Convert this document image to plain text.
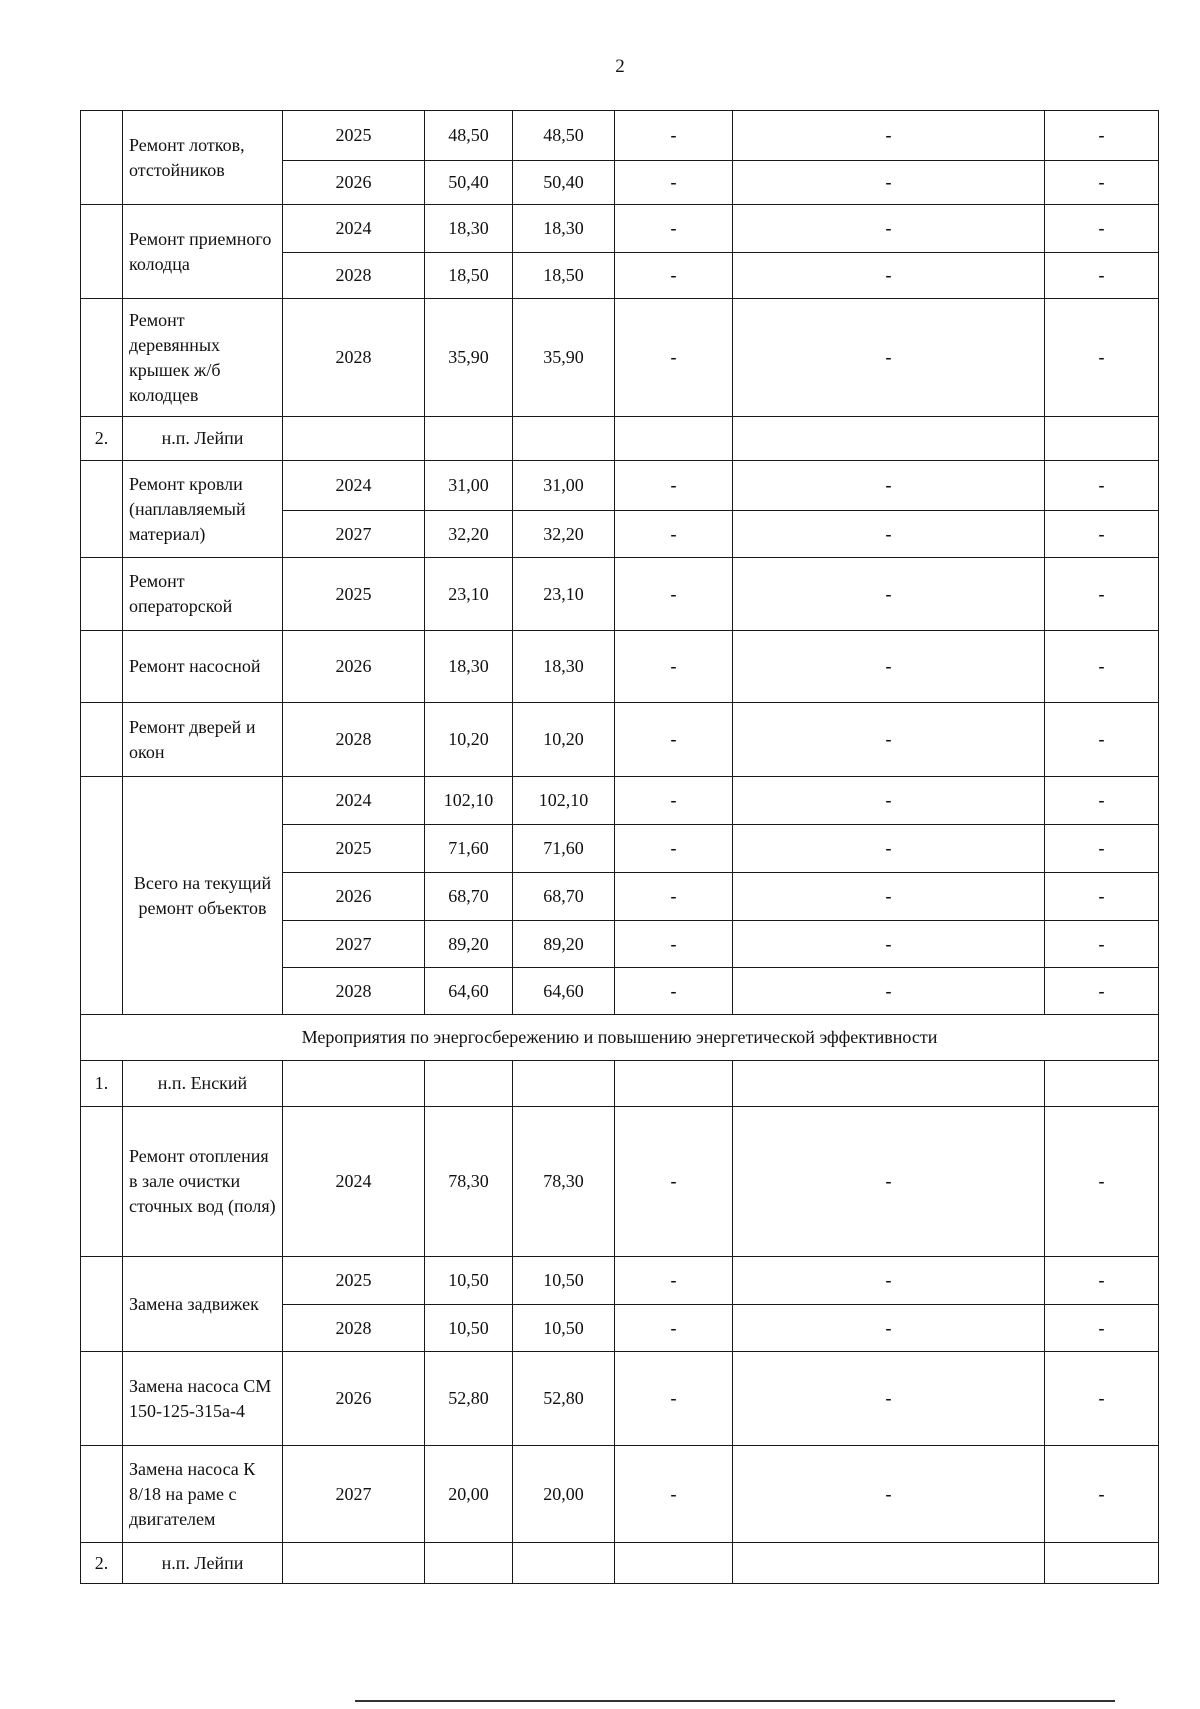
2
	Ремонт лотков, отстойников	2025	48,50	48,50	-	-	-
		2026	50,40	50,40	-	-	-
	Ремонт приемного колодца	2024	18,30	18,30	-	-	-
		2028	18,50	18,50	-	-	-
	Ремонт деревянных крышек ж/б колодцев	2028	35,90	35,90	-	-	-
2.	н.п. Лейпи						
	Ремонт кровли (наплавляемый материал)	2024	31,00	31,00	-	-	-
		2027	32,20	32,20	-	-	-
	Ремонт операторской	2025	23,10	23,10	-	-	-
	Ремонт насосной	2026	18,30	18,30	-	-	-
	Ремонт дверей и окон	2028	10,20	10,20	-	-	-
	Всего на текущий ремонт объектов	2024	102,10	102,10	-	-	-
		2025	71,60	71,60	-	-	-
		2026	68,70	68,70	-	-	-
		2027	89,20	89,20	-	-	-
		2028	64,60	64,60	-	-	-
Мероприятия по энергосбережению и повышению энергетической эффективности							
1.	н.п. Енский						
	Ремонт отопления в зале очистки сточных вод (поля)	2024	78,30	78,30	-	-	-
	Замена задвижек	2025	10,50	10,50	-	-	-
		2028	10,50	10,50	-	-	-
	Замена насоса СМ 150-125-315а-4	2026	52,80	52,80	-	-	-
	Замена насоса К 8/18 на раме с двигателем	2027	20,00	20,00	-	-	-
2.	н.п. Лейпи						
